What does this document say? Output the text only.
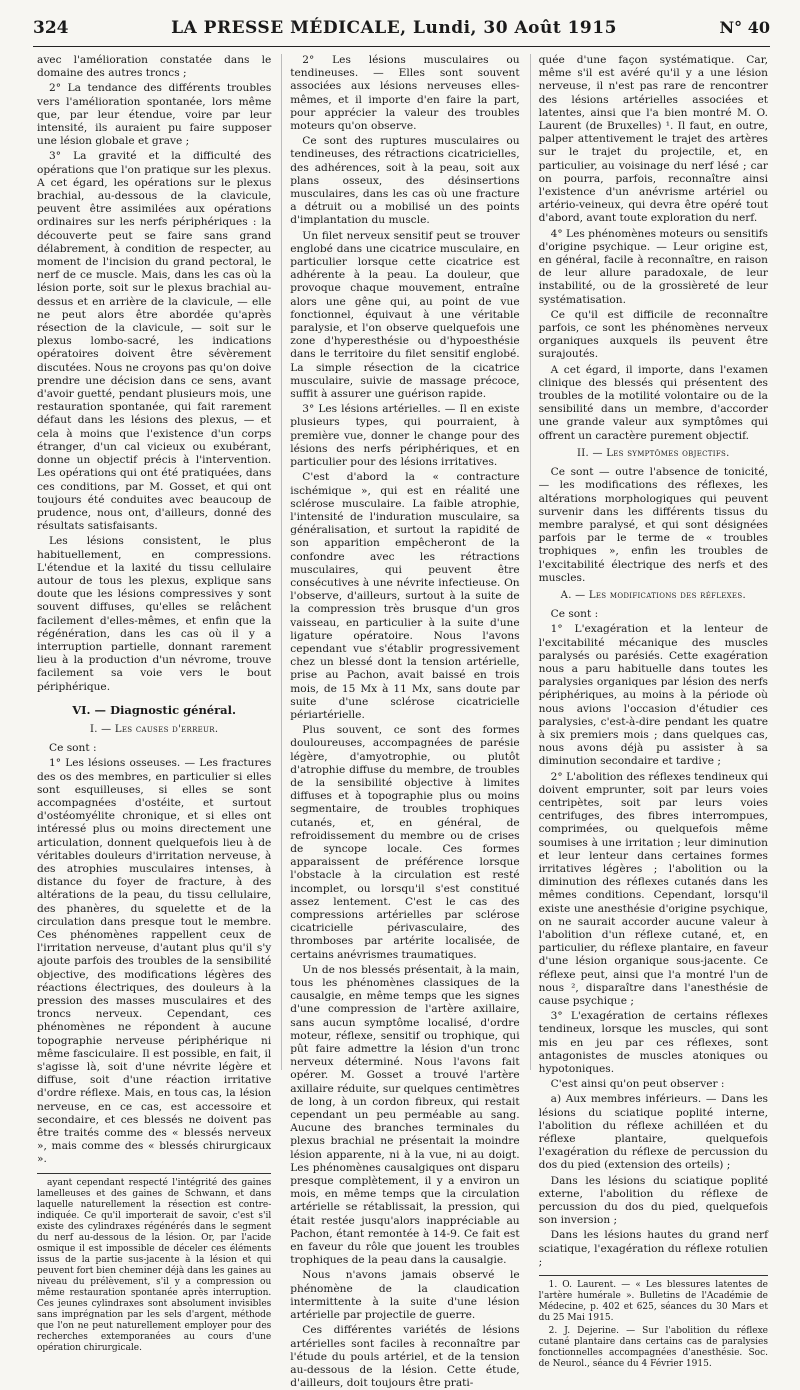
324	LA PRESSE MÉDICALE, Lundi, 30 Août 1915	N° 40

avec l'amélioration constatée dans le domaine des autres troncs ;

2° La tendance des différents troubles vers l'amélioration spontanée, lors même que, par leur étendue, voire par leur intensité, ils auraient pu faire supposer une lésion globale et grave ;

3° La gravité et la difficulté des opérations que l'on pratique sur les plexus. A cet égard, les opérations sur le plexus brachial, au-dessous de la clavicule, peuvent être assimilées aux opérations ordinaires sur les nerfs périphériques : la découverte peut se faire sans grand délabrement, à condition de respecter, au moment de l'incision du grand pectoral, le nerf de ce muscle. Mais, dans les cas où la lésion porte, soit sur le plexus brachial au-dessus et en arrière de la clavicule, — elle ne peut alors être abordée qu'après résection de la clavicule, — soit sur le plexus lombo-sacré, les indications opératoires doivent être sévèrement discutées. Nous ne croyons pas qu'on doive prendre une décision dans ce sens, avant d'avoir guetté, pendant plusieurs mois, une restauration spontanée, qui fait rarement défaut dans les lésions des plexus, — et cela à moins que l'existence d'un corps étranger, d'un cal vicieux ou exubérant, donne un objectif précis à l'intervention. Les opérations qui ont été pratiquées, dans ces conditions, par M. Gosset, et qui ont toujours été conduites avec beaucoup de prudence, nous ont, d'ailleurs, donné des résultats satisfaisants.

Les lésions consistent, le plus habituellement, en compressions. L'étendue et la laxité du tissu cellulaire autour de tous les plexus, explique sans doute que les lésions compressives y sont souvent diffuses, qu'elles se relâchent facilement d'elles-mêmes, et enfin que la régénération, dans les cas où il y a interruption partielle, donnant rarement lieu à la production d'un névrome, trouve facilement sa voie vers le bout périphérique.

VI. — Diagnostic général.
I. — Les causes d'erreur.

Ce sont :

1° Les lésions osseuses. — Les fractures des os des membres, en particulier si elles sont esquilleuses, si elles se sont accompagnées d'ostéite, et surtout d'ostéomyélite chronique, et si elles ont intéressé plus ou moins directement une articulation, donnent quelquefois lieu à de véritables douleurs d'irritation nerveuse, à des atrophies musculaires intenses, à distance du foyer de fracture, à des altérations de la peau, du tissu cellulaire, des phanères, du squelette et de la circulation dans presque tout le membre. Ces phénomènes rappellent ceux de l'irritation nerveuse, d'autant plus qu'il s'y ajoute parfois des troubles de la sensibilité objective, des modifications légères des réactions électriques, des douleurs à la pression des masses musculaires et des troncs nerveux. Cependant, ces phénomènes ne répondent à aucune topographie nerveuse périphérique ni même fasciculaire. Il est possible, en fait, il s'agisse là, soit d'une névrite légère et diffuse, soit d'une réaction irritative d'ordre réflexe. Mais, en tous cas, la lésion nerveuse, en ce cas, est accessoire et secondaire, et ces blessés ne doivent pas être traités comme des « blessés nerveux », mais comme des « blessés chirurgicaux ».

ayant cependant respecté l'intégrité des gaines lamelleuses et des gaines de Schwann, et dans laquelle naturellement la résection est contre-indiquée. Ce qu'il importerait de savoir, c'est s'il existe des cylindraxes régénérés dans le segment du nerf au-dessous de la lésion. Or, par l'acide osmique il est impossible de déceler ces éléments issus de la partie sus-jacente à la lésion et qui peuvent fort bien cheminer déjà dans les gaines au niveau du prélèvement, s'il y a compression ou même restauration spontanée après interruption. Ces jeunes cylindraxes sont absolument invisibles sans imprégnation par les sels d'argent, méthode que l'on ne peut naturellement employer pour des recherches extemporanées au cours d'une opération chirurgicale.

2° Les lésions musculaires ou tendineuses. — Elles sont souvent associées aux lésions nerveuses elles-mêmes, et il importe d'en faire la part, pour apprécier la valeur des troubles moteurs qu'on observe.

Ce sont des ruptures musculaires ou tendineuses, des rétractions cicatricielles, des adhérences, soit à la peau, soit aux plans osseux, des désinsertions musculaires, dans les cas où une fracture a détruit ou a mobilisé un des points d'implantation du muscle.

Un filet nerveux sensitif peut se trouver englobé dans une cicatrice musculaire, en particulier lorsque cette cicatrice est adhérente à la peau. La douleur, que provoque chaque mouvement, entraîne alors une gêne qui, au point de vue fonctionnel, équivaut à une véritable paralysie, et l'on observe quelquefois une zone d'hyperesthésie ou d'hypoesthésie dans le territoire du filet sensitif englobé. La simple résection de la cicatrice musculaire, suivie de massage précoce, suffit à assurer une guérison rapide.

3° Les lésions artérielles. — Il en existe plusieurs types, qui pourraient, à première vue, donner le change pour des lésions des nerfs périphériques, et en particulier pour des lésions irritatives.

C'est d'abord la « contracture ischémique », qui est en réalité une sclérose musculaire. La faible atrophie, l'intensité de l'induration musculaire, sa généralisation, et surtout la rapidité de son apparition empêcheront de la confondre avec les rétractions musculaires, qui peuvent être consécutives à une névrite infectieuse. On l'observe, d'ailleurs, surtout à la suite de la compression très brusque d'un gros vaisseau, en particulier à la suite d'une ligature opératoire. Nous l'avons cependant vue s'établir progressivement chez un blessé dont la tension artérielle, prise au Pachon, avait baissé en trois mois, de 15 Mx à 11 Mx, sans doute par suite d'une sclérose cicatricielle périartérielle.

Plus souvent, ce sont des formes douloureuses, accompagnées de parésie légère, d'amyotrophie, ou plutôt d'atrophie diffuse du membre, de troubles de la sensibilité objective à limites diffuses et à topographie plus ou moins segmentaire, de troubles trophiques cutanés, et, en général, de refroidissement du membre ou de crises de syncope locale. Ces formes apparaissent de préférence lorsque l'obstacle à la circulation est resté incomplet, ou lorsqu'il s'est constitué assez lentement. C'est le cas des compressions artérielles par sclérose cicatricielle périvasculaire, des thromboses par artérite localisée, de certains anévrismes traumatiques.

Un de nos blessés présentait, à la main, tous les phénomènes classiques de la causalgie, en même temps que les signes d'une compression de l'artère axillaire, sans aucun symptôme localisé, d'ordre moteur, réflexe, sensitif ou trophique, qui pût faire admettre la lésion d'un tronc nerveux déterminé. Nous l'avons fait opérer. M. Gosset a trouvé l'artère axillaire réduite, sur quelques centimètres de long, à un cordon fibreux, qui restait cependant un peu perméable au sang. Aucune des branches terminales du plexus brachial ne présentait la moindre lésion apparente, ni à la vue, ni au doigt. Les phénomènes causalgiques ont disparu presque complètement, il y a environ un mois, en même temps que la circulation artérielle se rétablissait, la pression, qui était restée jusqu'alors inappréciable au Pachon, étant remontée à 14-9. Ce fait est en faveur du rôle que jouent les troubles trophiques de la peau dans la causalgie.

Nous n'avons jamais observé le phénomène de la claudication intermittente à la suite d'une lésion artérielle par projectile de guerre.

Ces différentes variétés de lésions artérielles sont faciles à reconnaître par l'étude du pouls artériel, et de la tension au-dessous de la lésion. Cette étude, d'ailleurs, doit toujours être prati-

quée d'une façon systématique. Car, même s'il est avéré qu'il y a une lésion nerveuse, il n'est pas rare de rencontrer des lésions artérielles associées et latentes, ainsi que l'a bien montré M. O. Laurent (de Bruxelles) ¹. Il faut, en outre, palper attentivement le trajet des artères sur le trajet du projectile, et, en particulier, au voisinage du nerf lésé ; car on pourra, parfois, reconnaître ainsi l'existence d'un anévrisme artériel ou artério-veineux, qui devra être opéré tout d'abord, avant toute exploration du nerf.

4° Les phénomènes moteurs ou sensitifs d'origine psychique. — Leur origine est, en général, facile à reconnaître, en raison de leur allure paradoxale, de leur instabilité, ou de la grossièreté de leur systématisation.

Ce qu'il est difficile de reconnaître parfois, ce sont les phénomènes nerveux organiques auxquels ils peuvent être surajoutés.

A cet égard, il importe, dans l'examen clinique des blessés qui présentent des troubles de la motilité volontaire ou de la sensibilité dans un membre, d'accorder une grande valeur aux symptômes qui offrent un caractère purement objectif.

II. — Les symptômes objectifs.

Ce sont — outre l'absence de tonicité, — les modifications des réflexes, les altérations morphologiques qui peuvent survenir dans les différents tissus du membre paralysé, et qui sont désignées parfois par le terme de « troubles trophiques », enfin les troubles de l'excitabilité électrique des nerfs et des muscles.

A. — Les modifications des réflexes.

Ce sont :

1° L'exagération et la lenteur de l'excitabilité mécanique des muscles paralysés ou parésiés. Cette exagération nous a paru habituelle dans toutes les paralysies organiques par lésion des nerfs périphériques, au moins à la période où nous avions l'occasion d'étudier ces paralysies, c'est-à-dire pendant les quatre à six premiers mois ; dans quelques cas, nous avons déjà pu assister à sa diminution secondaire et tardive ;

2° L'abolition des réflexes tendineux qui doivent emprunter, soit par leurs voies centripètes, soit par leurs voies centrifuges, des fibres interrompues, comprimées, ou quelquefois même soumises à une irritation ; leur diminution et leur lenteur dans certaines formes irritatives légères ; l'abolition ou la diminution des réflexes cutanés dans les mêmes conditions. Cependant, lorsqu'il existe une anesthésie d'origine psychique, on ne saurait accorder aucune valeur à l'abolition d'un réflexe cutané, et, en particulier, du réflexe plantaire, en faveur d'une lésion organique sous-jacente. Ce réflexe peut, ainsi que l'a montré l'un de nous ², disparaître dans l'anesthésie de cause psychique ;

3° L'exagération de certains réflexes tendineux, lorsque les muscles, qui sont mis en jeu par ces réflexes, sont antagonistes de muscles atoniques ou hypotoniques.

C'est ainsi qu'on peut observer :

a) Aux membres inférieurs. — Dans les lésions du sciatique poplité interne, l'abolition du réflexe achilléen et du réflexe plantaire, quelquefois l'exagération du réflexe de percussion du dos du pied (extension des orteils) ;

Dans les lésions du sciatique poplité externe, l'abolition du réflexe de percussion du dos du pied, quelquefois son inversion ;

Dans les lésions hautes du grand nerf sciatique, l'exagération du réflexe rotulien ;

1. O. Laurent. — « Les blessures latentes de l'artère humérale ». Bulletins de l'Académie de Médecine, p. 402 et 625, séances du 30 Mars et du 25 Mai 1915.

2. J. Dejerine. — Sur l'abolition du réflexe cutané plantaire dans certains cas de paralysies fonctionnelles accompagnées d'anesthésie. Soc. de Neurol., séance du 4 Février 1915.
